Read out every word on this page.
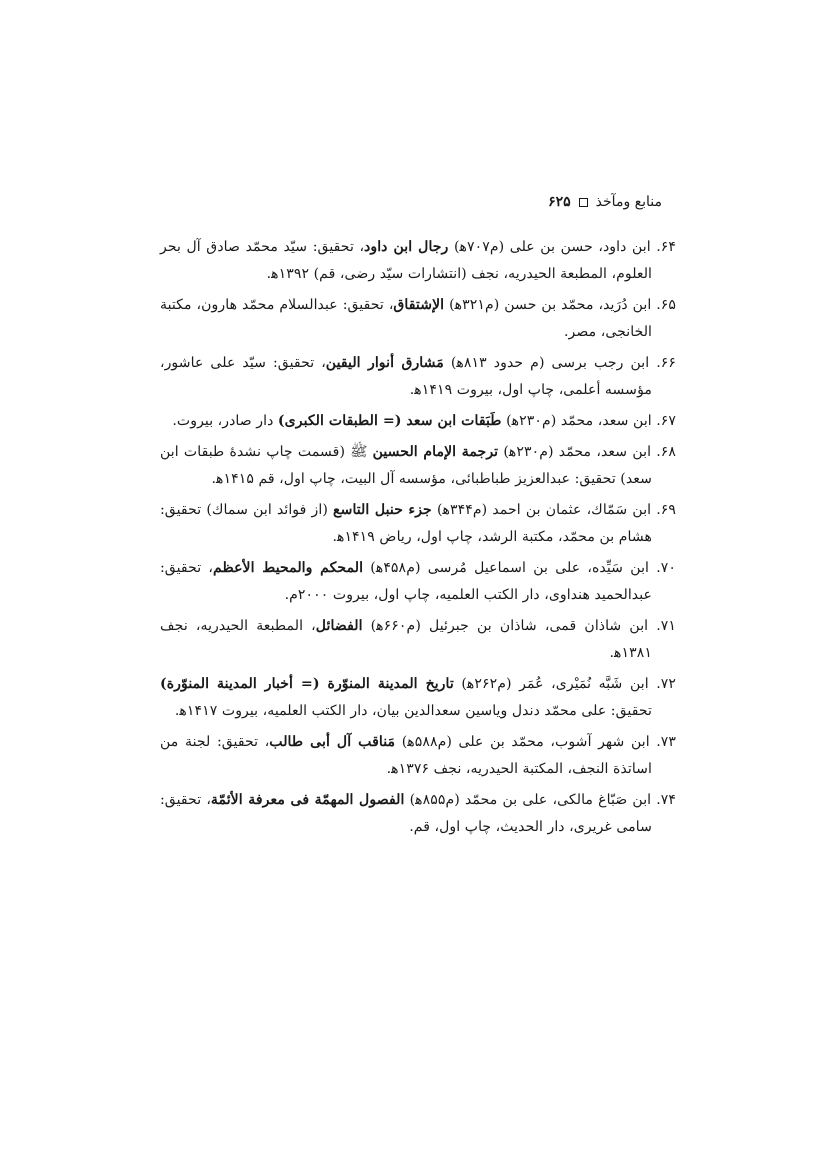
منابع ومآخذ
۶۲۵
۶۴. ابن داود، حسن بن على (م‎۷۰۷ه‍) رجال ابن داود، تحقيق: سيّد محمّد صادق آل بحر العلوم، المطبعة الحيدريه، نجف (انتشارات سيّد رضى، قم) ۱۳۹۲ه‍.
۶۵. ابن دُرَيد، محمّد بن حسن (م‎۳۲۱ه‍) الإشتقاق، تحقيق: عبدالسلام محمّد هارون، مكتبة الخانجى، مصر.
۶۶. ابن رجب برسى (م حدود ۸۱۳ه‍) مَشارق أنوار اليقين، تحقيق: سيّد على عاشور، مؤسسه أعلمى، چاپ اول، بيروت ۱۴۱۹ه‍.
۶۷. ابن سعد، محمّد (م‎۲۳۰ه‍) طَبَقات ابن سعد (= الطبقات الكبرى) دار صادر، بيروت.
۶۸. ابن سعد، محمّد (م‎۲۳۰ه‍) ترجمة الإمام الحسين ﷺ (قسمت چاپ نشدهٔ طبقات ابن سعد) تحقيق: عبدالعزيز طباطبائى، مؤسسه آل البيت، چاپ اول، قم ۱۴۱۵ه‍.
۶۹. ابن سَمّاك، عثمان بن احمد (م‎۳۴۴ه‍) جزء حنبل التاسع (از فوائد ابن سماك) تحقيق: هشام بن محمّد، مكتبة الرشد، چاپ اول، رياض ۱۴۱۹ه‍.
۷۰. ابن سَيِّده، على بن اسماعيل مُرسى (م‎۴۵۸ه‍) المحكم والمحيط الأعظم، تحقيق: عبدالحميد هنداوى، دار الكتب العلميه، چاپ اول، بيروت ۲۰۰۰م.
۷۱. ابن شاذان قمى، شاذان بن جبرئيل (م‎۶۶۰ه‍) الفضائل، المطبعة الحيدريه، نجف ۱۳۸۱ه‍.
۷۲. ابن شَبَّه نُمَيْرى، عُمَر (م‎۲۶۲ه‍) تاريخ المدينة المنوّرة (= أخبار المدينة المنوّرة) تحقيق: على محمّد دندل وياسين سعدالدين بيان، دار الكتب العلميه، بيروت ۱۴۱۷ه‍.
۷۳. ابن شهر آشوب، محمّد بن على (م‎۵۸۸ه‍) مَناقب آل أبى طالب، تحقيق: لجنة من اساتذة النجف، المكتبة الحيدريه، نجف ۱۳۷۶ه‍.
۷۴. ابن صَبّاغ مالكى، على بن محمّد (م‎۸۵۵ه‍) الفصول المهمّة فى معرفة الأئمّة، تحقيق: سامى غريرى، دار الحديث، چاپ اول، قم.
